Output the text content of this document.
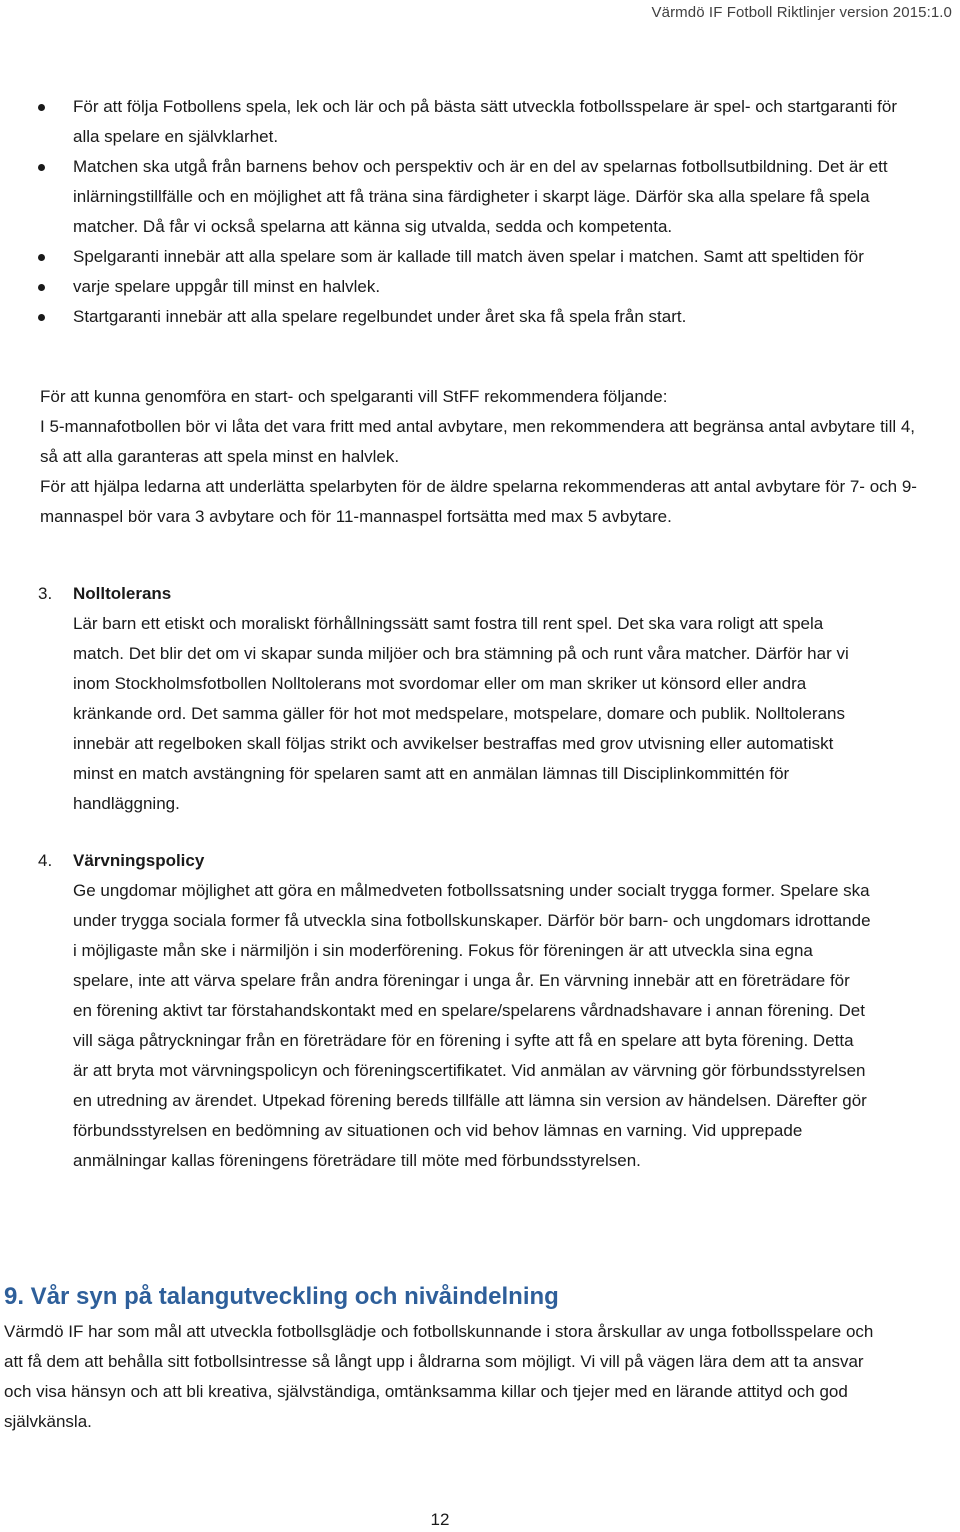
Värmdö IF Fotboll Riktlinjer version 2015:1.0
För att följa Fotbollens spela, lek och lär och på bästa sätt utveckla fotbollsspelare är spel- och startgaranti för alla spelare en självklarhet.
Matchen ska utgå från barnens behov och perspektiv och är en del av spelarnas fotbollsutbildning. Det är ett inlärningstillfälle och en möjlighet att få träna sina färdigheter i skarpt läge. Därför ska alla spelare få spela matcher. Då får vi också spelarna att känna sig utvalda, sedda och kompetenta.
Spelgaranti innebär att alla spelare som är kallade till match även spelar i matchen. Samt att speltiden för varje spelare uppgår till minst en halvlek.
Startgaranti innebär att alla spelare regelbundet under året ska få spela från start.

För att kunna genomföra en start- och spelgaranti vill StFF rekommendera följande:

I 5-mannafotbollen bör vi låta det vara fritt med antal avbytare, men rekommendera att begränsa antal avbytare till 4, så att alla garanteras att spela minst en halvlek.

För att hjälpa ledarna att underlätta spelarbyten för de äldre spelarna rekommenderas att antal avbytare för 7- och 9-mannaspel bör vara 3 avbytare och för 11-mannaspel fortsätta med max 5 avbytare.

3. Nolltolerans

Lär barn ett etiskt och moraliskt förhållningssätt samt fostra till rent spel. Det ska vara roligt att spela match. Det blir det om vi skapar sunda miljöer och bra stämning på och runt våra matcher. Därför har vi inom Stockholmsfotbollen Nolltolerans mot svordomar eller om man skriker ut könsord eller andra kränkande ord. Det samma gäller för hot mot medspelare, motspelare, domare och publik. Nolltolerans innebär att regelboken skall följas strikt och avvikelser bestraffas med grov utvisning eller automatiskt minst en match avstängning för spelaren samt att en anmälan lämnas till Disciplinkommittén för handläggning.

4. Värvningspolicy

Ge ungdomar möjlighet att göra en målmedveten fotbollssatsning under socialt trygga former. Spelare ska under trygga sociala former få utveckla sina fotbollskunskaper. Därför bör barn- och ungdomars idrottande i möjligaste mån ske i närmiljön i sin moderförening. Fokus för föreningen är att utveckla sina egna spelare, inte att värva spelare från andra föreningar i unga år. En värvning innebär att en företrädare för en förening aktivt tar förstahandskontakt med en spelare/spelarens vårdnadshavare i annan förening. Det vill säga påtryckningar från en företrädare för en förening i syfte att få en spelare att byta förening. Detta är att bryta mot värvningspolicyn och föreningscertifikatet. Vid anmälan av värvning gör förbundsstyrelsen en utredning av ärendet. Utpekad förening bereds tillfälle att lämna sin version av händelsen. Därefter gör förbundsstyrelsen en bedömning av situationen och vid behov lämnas en varning. Vid upprepade anmälningar kallas föreningens företrädare till möte med förbundsstyrelsen.

9. Vår syn på talangutveckling och nivåindelning

Värmdö IF har som mål att utveckla fotbollsglädje och fotbollskunnande i stora årskullar av unga fotbollsspelare och att få dem att behålla sitt fotbollsintresse så långt upp i åldrarna som möjligt. Vi vill på vägen lära dem att ta ansvar och visa hänsyn och att bli kreativa, självständiga, omtänksamma killar och tjejer med en lärande attityd och god självkänsla.

12
